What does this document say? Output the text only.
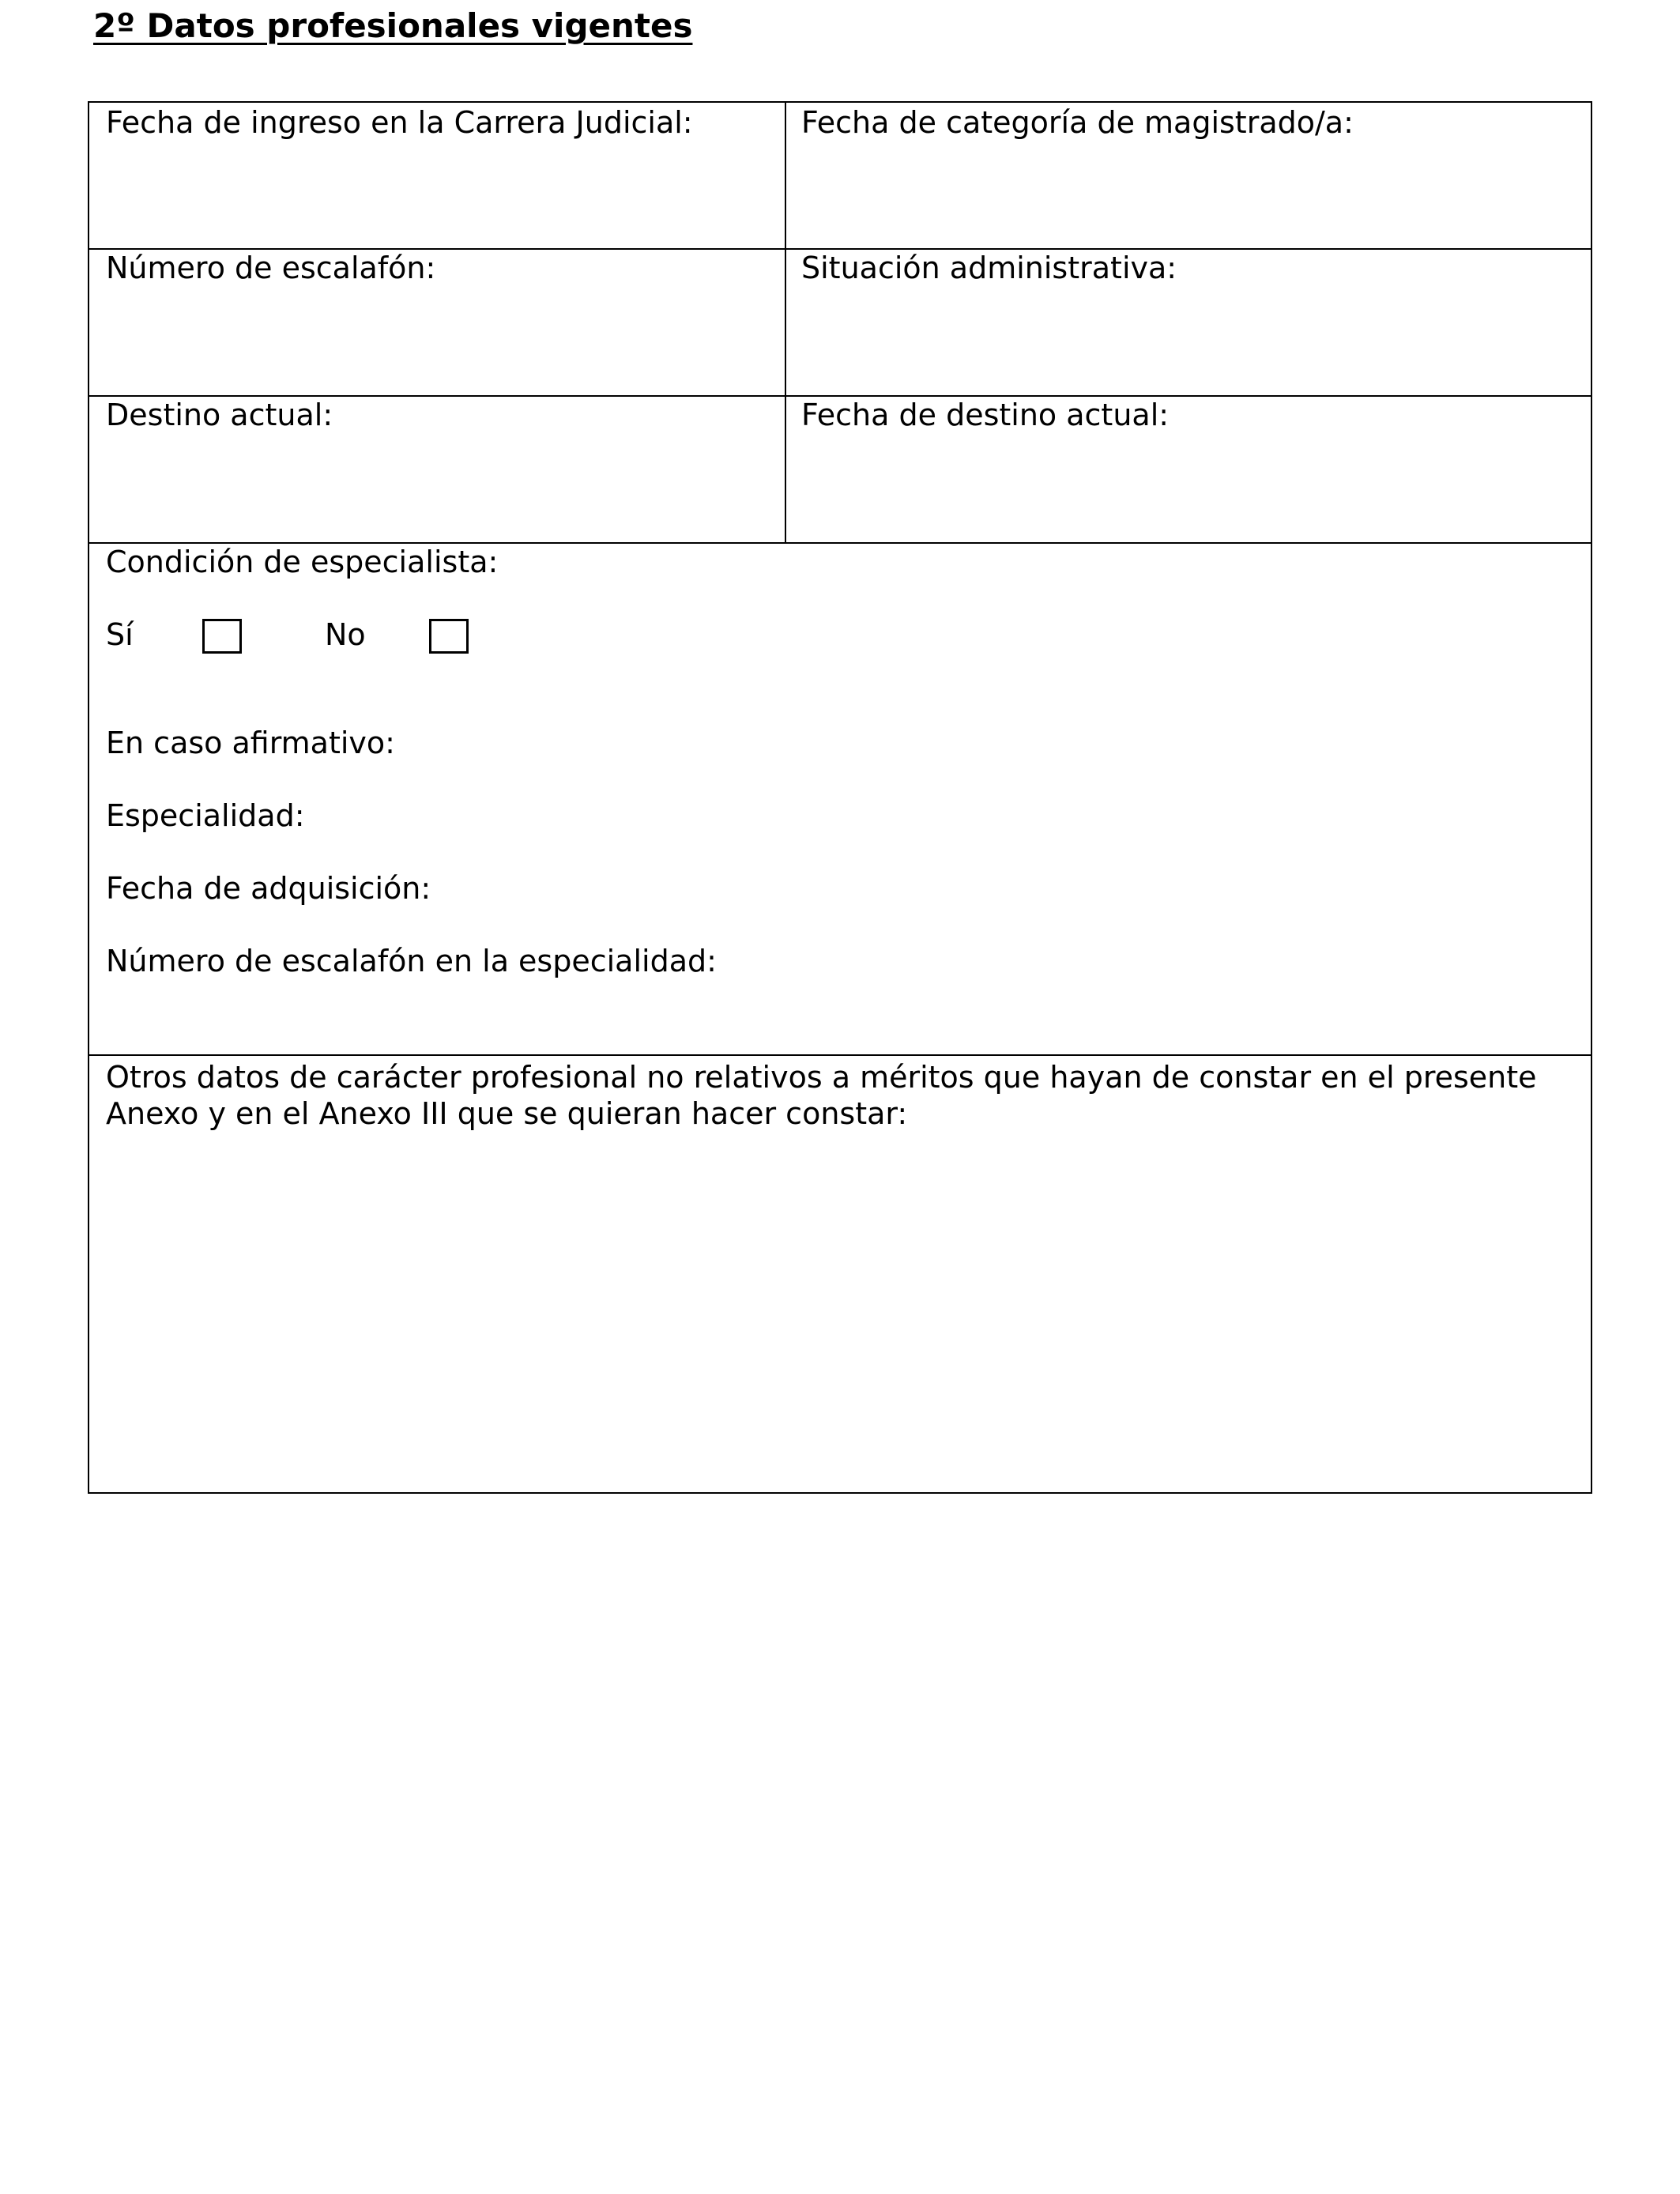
2º Datos profesionales vigentes
Fecha de ingreso en la Carrera Judicial:	Fecha de categoría de magistrado/a:
Número de escalafón:	Situación administrativa:
Destino actual:	Fecha de destino actual:
Condición de especialista:
Sí	No
En caso afirmativo:
Especialidad:
Fecha de adquisición:
Número de escalafón en la especialidad:
Otros datos de carácter profesional no relativos a méritos que hayan de constar en el presente Anexo y en el Anexo III que se quieran hacer constar:
